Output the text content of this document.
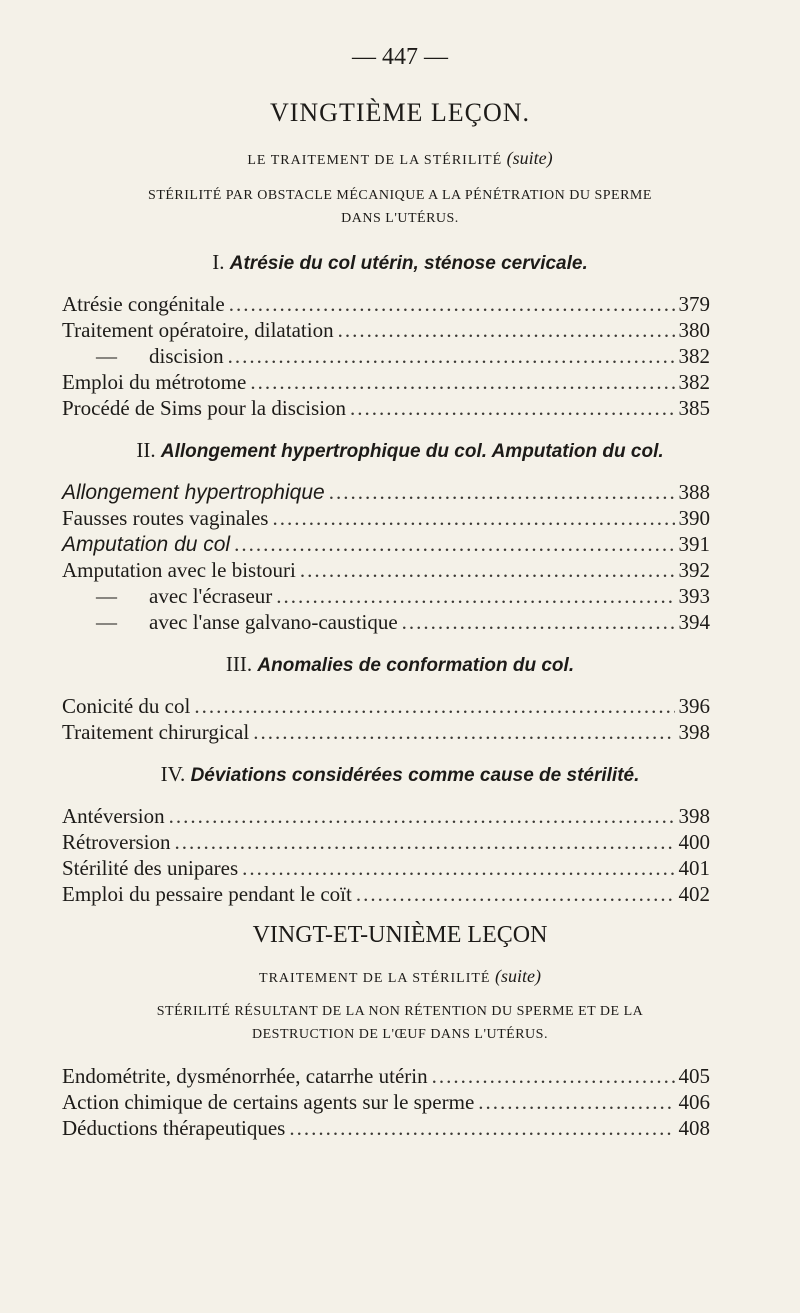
— 447 —
VINGTIÈME LEÇON.
LE TRAITEMENT DE LA STÉRILITÉ (suite)
STÉRILITÉ PAR OBSTACLE MÉCANIQUE A LA PÉNÉTRATION DU SPERME
DANS L'UTÉRUS.
I. Atrésie du col utérin, sténose cervicale.
Atrésie congénitale .....	379
Traitement opératoire, dilatation .....	380
—	discision .....	382
Emploi du métrotome .....	382
Procédé de Sims pour la discision .....	385
II. Allongement hypertrophique du col. Amputation du col.
Allongement hypertrophique .....	388
Fausses routes vaginales .....	390
Amputation du col .....	391
Amputation avec le bistouri .....	392
—	avec l'écraseur .....	393
—	avec l'anse galvano-caustique .....	394
III. Anomalies de conformation du col.
Conicité du col .....	396
Traitement chirurgical .....	398
IV. Déviations considérées comme cause de stérilité.
Antéversion .....	398
Rétroversion .....	400
Stérilité des unipares .....	401
Emploi du pessaire pendant le coït .....	402
VINGT-ET-UNIÈME LEÇON
TRAITEMENT DE LA STÉRILITÉ (suite)
STÉRILITÉ RÉSULTANT DE LA NON RÉTENTION DU SPERME ET DE LA
DESTRUCTION DE L'ŒUF DANS L'UTÉRUS.
Endométrite, dysménorrhée, catarrhe utérin .....	405
Action chimique de certains agents sur le sperme .....	406
Déductions thérapeutiques .....	408
